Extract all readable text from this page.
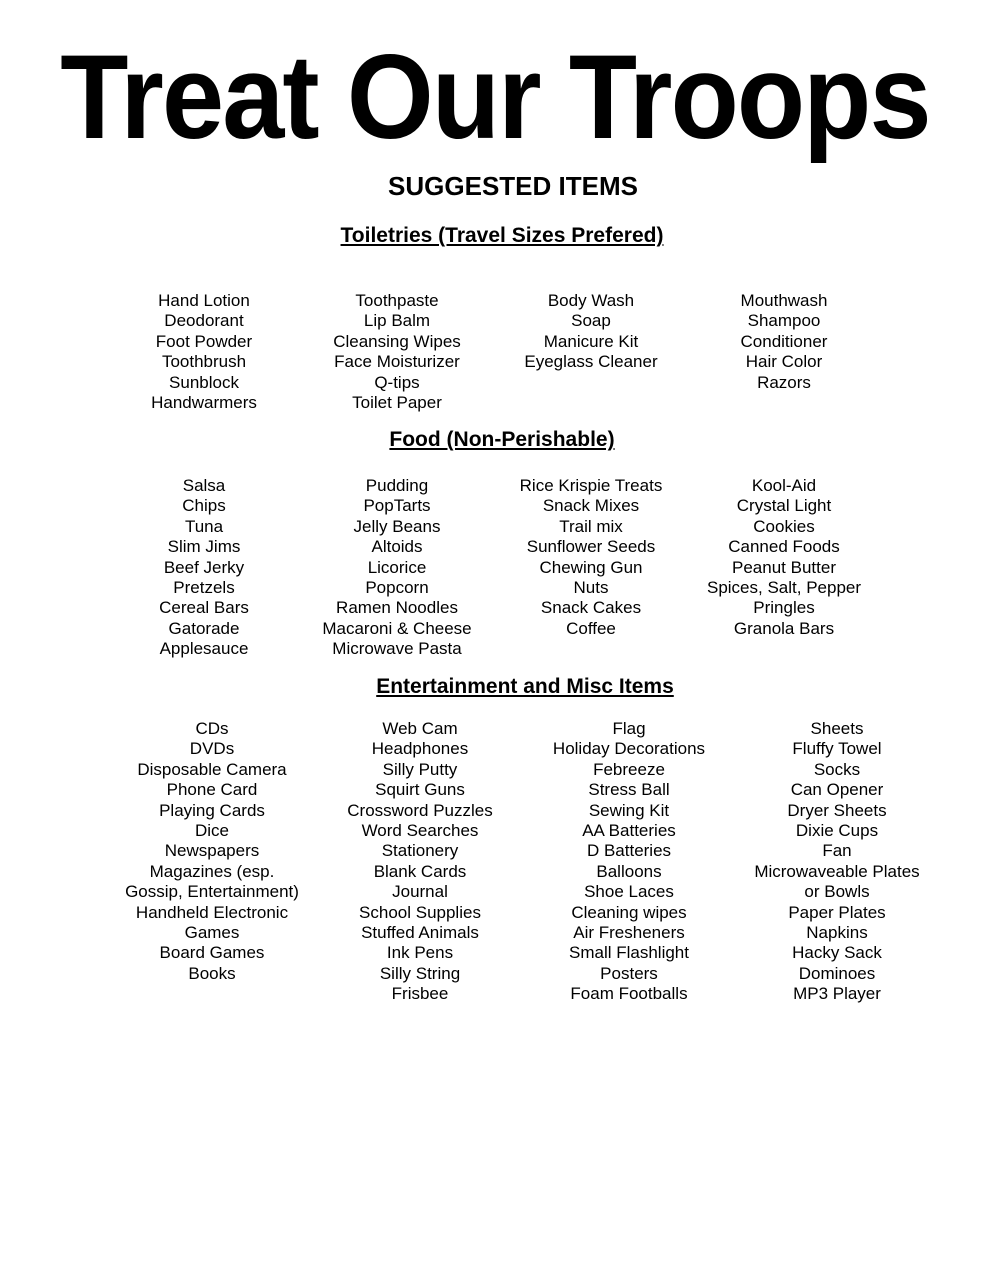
Treat Our Troops
SUGGESTED ITEMS
Toiletries (Travel Sizes Prefered)
Hand Lotion
Deodorant
Foot Powder
Toothbrush
Sunblock
Handwarmers
Toothpaste
Lip Balm
Cleansing Wipes
Face Moisturizer
Q-tips
Toilet Paper
Body Wash
Soap
Manicure Kit
Eyeglass Cleaner
Mouthwash
Shampoo
Conditioner
Hair Color
Razors
Food (Non-Perishable)
Salsa
Chips
Tuna
Slim Jims
Beef Jerky
Pretzels
Cereal Bars
Gatorade
Applesauce
Pudding
PopTarts
Jelly Beans
Altoids
Licorice
Popcorn
Ramen Noodles
Macaroni & Cheese
Microwave Pasta
Rice Krispie Treats
Snack Mixes
Trail mix
Sunflower Seeds
Chewing Gun
Nuts
Snack Cakes
Coffee
Kool-Aid
Crystal Light
Cookies
Canned Foods
Peanut Butter
Spices, Salt, Pepper
Pringles
Granola Bars
Entertainment and Misc Items
CDs
DVDs
Disposable Camera
Phone Card
Playing Cards
Dice
Newspapers
Magazines (esp.
Gossip, Entertainment)
Handheld Electronic
Games
Board Games
Books
Web Cam
Headphones
Silly Putty
Squirt Guns
Crossword Puzzles
Word Searches
Stationery
Blank Cards
Journal
School Supplies
Stuffed Animals
Ink Pens
Silly String
Frisbee
Flag
Holiday Decorations
Febreeze
Stress Ball
Sewing Kit
AA Batteries
D Batteries
Balloons
Shoe Laces
Cleaning wipes
Air Fresheners
Small Flashlight
Posters
Foam Footballs
Sheets
Fluffy Towel
Socks
Can Opener
Dryer Sheets
Dixie Cups
Fan
Microwaveable Plates
or Bowls
Paper Plates
Napkins
Hacky Sack
Dominoes
MP3 Player
